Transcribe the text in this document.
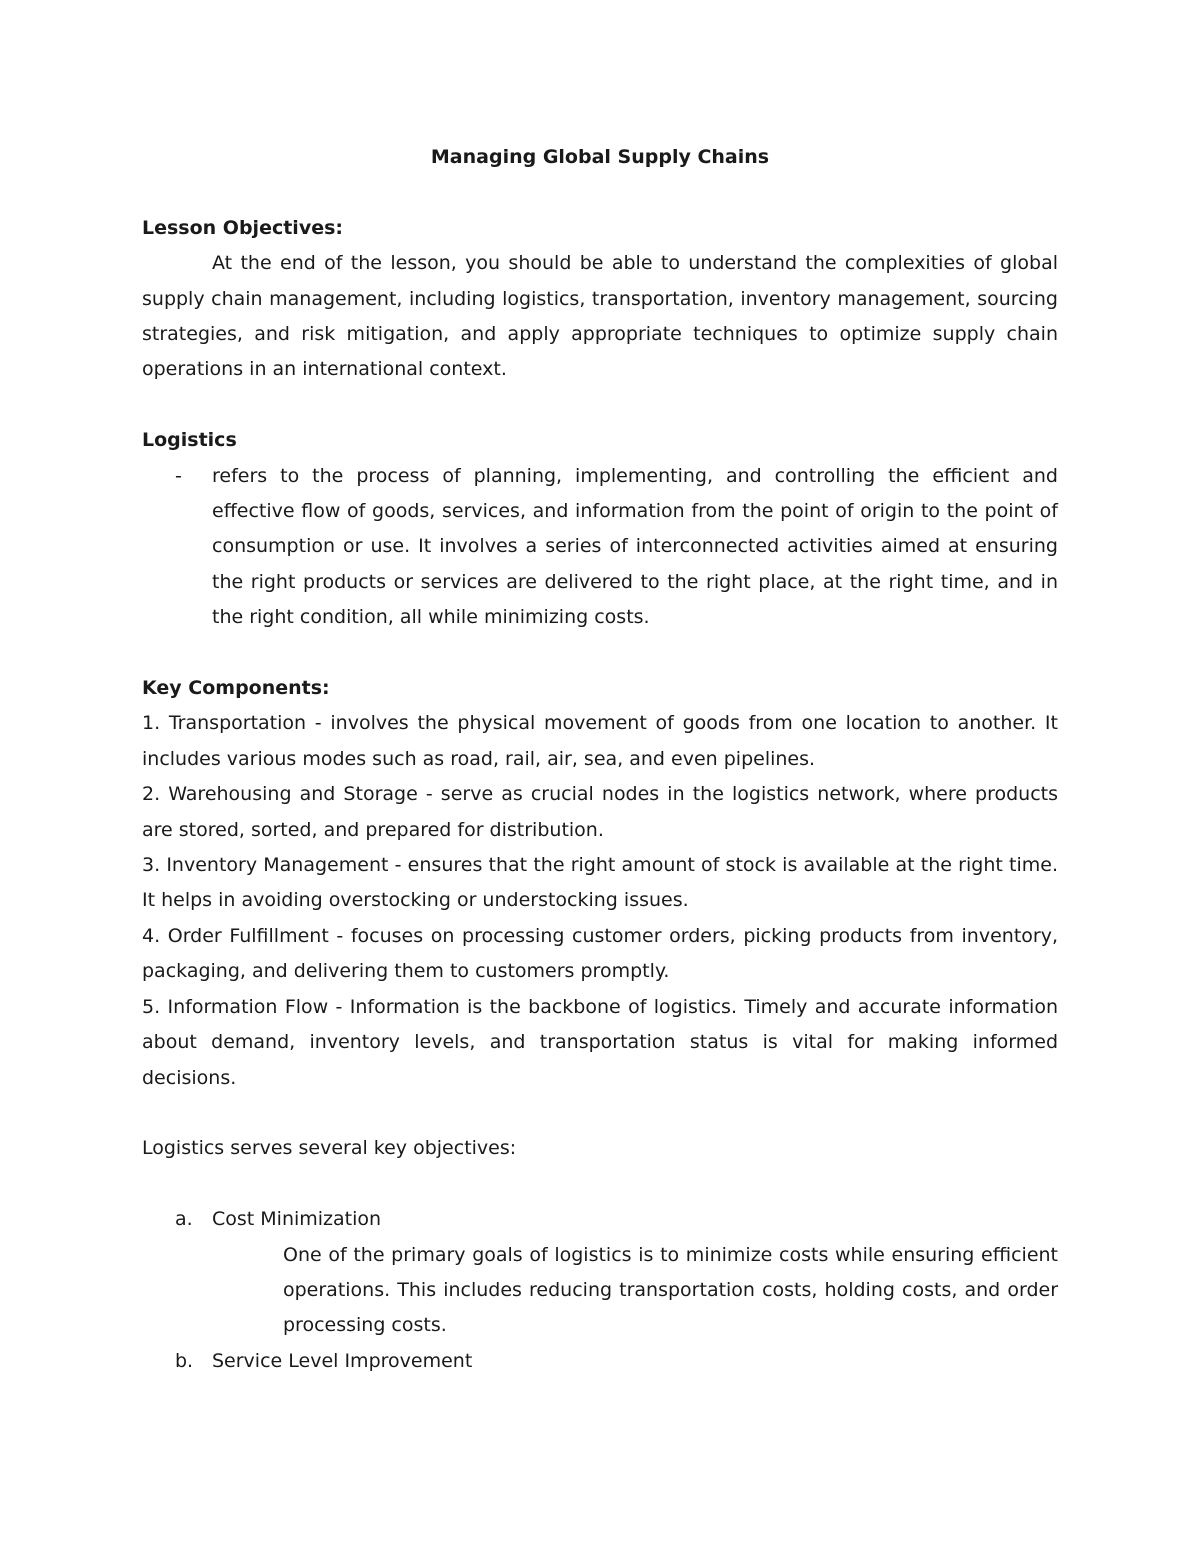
Managing Global Supply Chains

Lesson Objectives:

At the end of the lesson, you should be able to understand the complexities of global supply chain management, including logistics, transportation, inventory management, sourcing strategies, and risk mitigation, and apply appropriate techniques to optimize supply chain operations in an international context.

Logistics

- refers to the process of planning, implementing, and controlling the efficient and effective flow of goods, services, and information from the point of origin to the point of consumption or use. It involves a series of interconnected activities aimed at ensuring the right products or services are delivered to the right place, at the right time, and in the right condition, all while minimizing costs.

Key Components:

1. Transportation - involves the physical movement of goods from one location to another. It includes various modes such as road, rail, air, sea, and even pipelines.

2. Warehousing and Storage - serve as crucial nodes in the logistics network, where products are stored, sorted, and prepared for distribution.

3. Inventory Management - ensures that the right amount of stock is available at the right time. It helps in avoiding overstocking or understocking issues.

4. Order Fulfillment - focuses on processing customer orders, picking products from inventory, packaging, and delivering them to customers promptly.

5. Information Flow - Information is the backbone of logistics. Timely and accurate information about demand, inventory levels, and transportation status is vital for making informed decisions.

Logistics serves several key objectives:

a. Cost Minimization

One of the primary goals of logistics is to minimize costs while ensuring efficient operations. This includes reducing transportation costs, holding costs, and order processing costs.

b. Service Level Improvement
